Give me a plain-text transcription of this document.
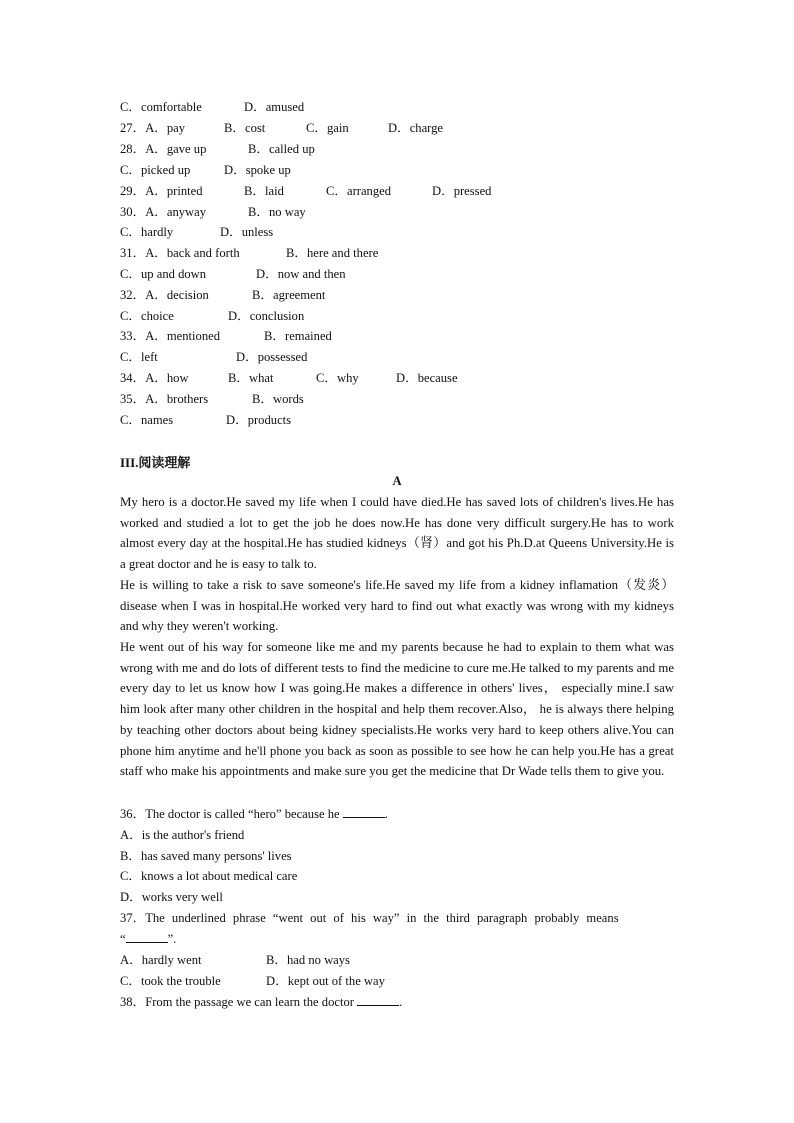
C．comfortable	D．amused
27．A．pay	B．cost	C．gain	D．charge
28．A．gave up	B．called up
C．picked up	D．spoke up
29．A．printed	B．laid	C．arranged	D．pressed
30．A．anyway	B．no way
C．hardly	D．unless
31．A．back and forth	B．here and there
C．up and down	D．now and then
32．A．decision	B．agreement
C．choice	D．conclusion
33．A．mentioned	B．remained
C．left	D．possessed
34．A．how	B．what	C．why	D．because
35．A．brothers	B．words
C．names	D．products
III.阅读理解
A
My hero is a doctor.He saved my life when I could have died.He has saved lots of children's lives.He has worked and studied a lot to get the job he does now.He has done very difficult surgery.He has to work almost every day at the hospital.He has studied kidneys（肾）and got his Ph.D.at Queens University.He is a great doctor and he is easy to talk to.
He is willing to take a risk to save someone's life.He saved my life from a kidney inflamation（发炎） disease when I was in hospital.He worked very hard to find out what exactly was wrong with my kidneys and why they weren't working.
He went out of his way for someone like me and my parents because he had to explain to them what was wrong with me and do lots of different tests to find the medicine to cure me.He talked to my parents and me every day to let us know how I was going.He makes a difference in others' lives， especially mine.I saw him look after many other children in the hospital and help them recover.Also， he is always there helping by teaching other doctors about being kidney specialists.He works very hard to keep others alive.You can phone him anytime and he'll phone you back as soon as possible to see how he can help you.He has a great staff who make his appointments and make sure you get the medicine that Dr Wade tells them to give you.
36．The doctor is called “hero” because he	.
A．is the author's friend
B．has saved many persons' lives
C．knows a lot about medical care
D．works very well
37．The underlined phrase “went out of his way” in the third paragraph probably means
“	”.
A．hardly went	B．had no ways
C．took the trouble	D．kept out of the way
38．From the passage we can learn the doctor	.
